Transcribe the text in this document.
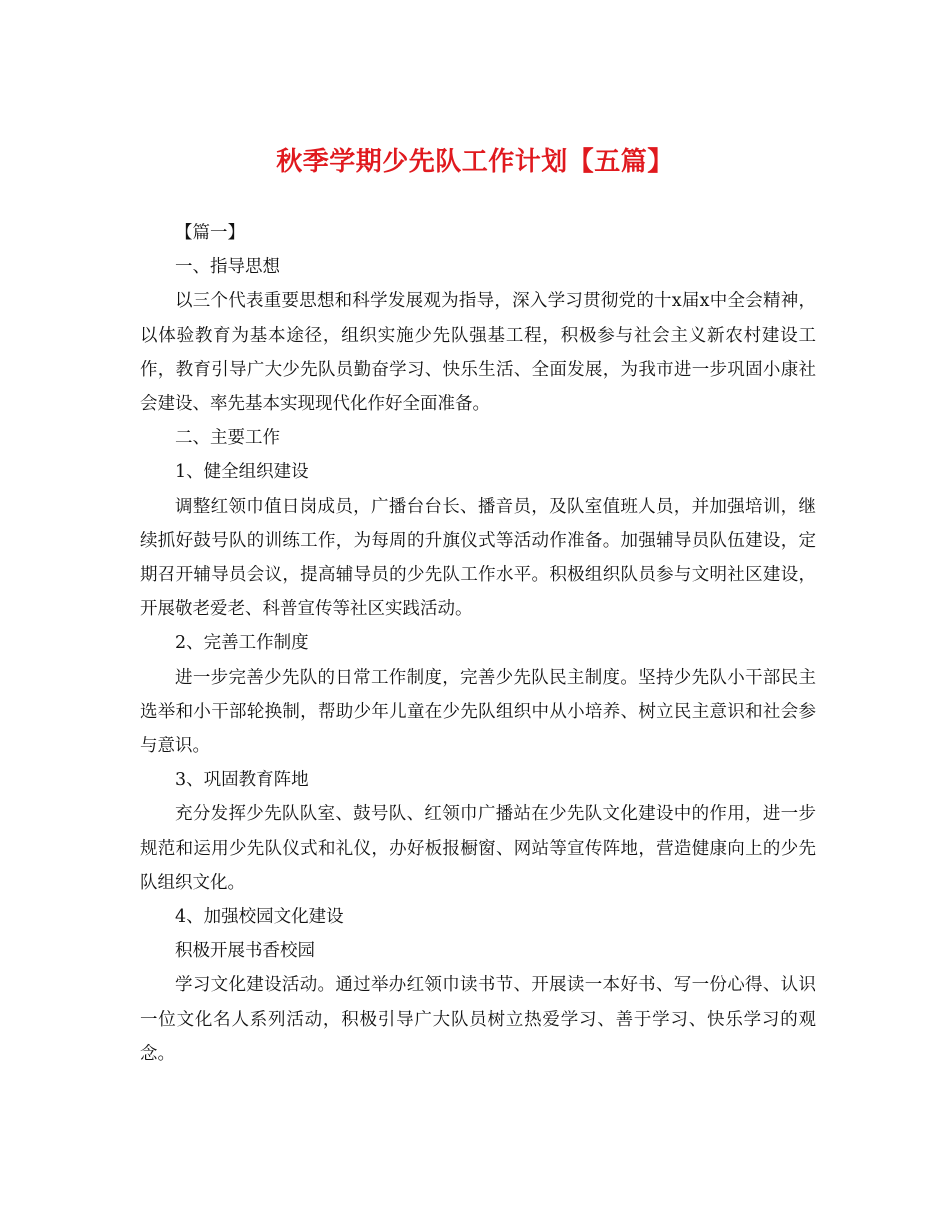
秋季学期少先队工作计划【五篇】

【篇一】

一、指导思想

以三个代表重要思想和科学发展观为指导，深入学习贯彻党的十x届x中全会精神，以体验教育为基本途径，组织实施少先队强基工程，积极参与社会主义新农村建设工作，教育引导广大少先队员勤奋学习、快乐生活、全面发展，为我市进一步巩固小康社会建设、率先基本实现现代化作好全面准备。

二、主要工作

1、健全组织建设

调整红领巾值日岗成员，广播台台长、播音员，及队室值班人员，并加强培训，继续抓好鼓号队的训练工作，为每周的升旗仪式等活动作准备。加强辅导员队伍建设，定期召开辅导员会议，提高辅导员的少先队工作水平。积极组织队员参与文明社区建设，开展敬老爱老、科普宣传等社区实践活动。

2、完善工作制度

进一步完善少先队的日常工作制度，完善少先队民主制度。坚持少先队小干部民主选举和小干部轮换制，帮助少年儿童在少先队组织中从小培养、树立民主意识和社会参与意识。

3、巩固教育阵地

充分发挥少先队队室、鼓号队、红领巾广播站在少先队文化建设中的作用，进一步规范和运用少先队仪式和礼仪，办好板报橱窗、网站等宣传阵地，营造健康向上的少先队组织文化。

4、加强校园文化建设

积极开展书香校园

学习文化建设活动。通过举办红领巾读书节、开展读一本好书、写一份心得、认识一位文化名人系列活动，积极引导广大队员树立热爱学习、善于学习、快乐学习的观念。
